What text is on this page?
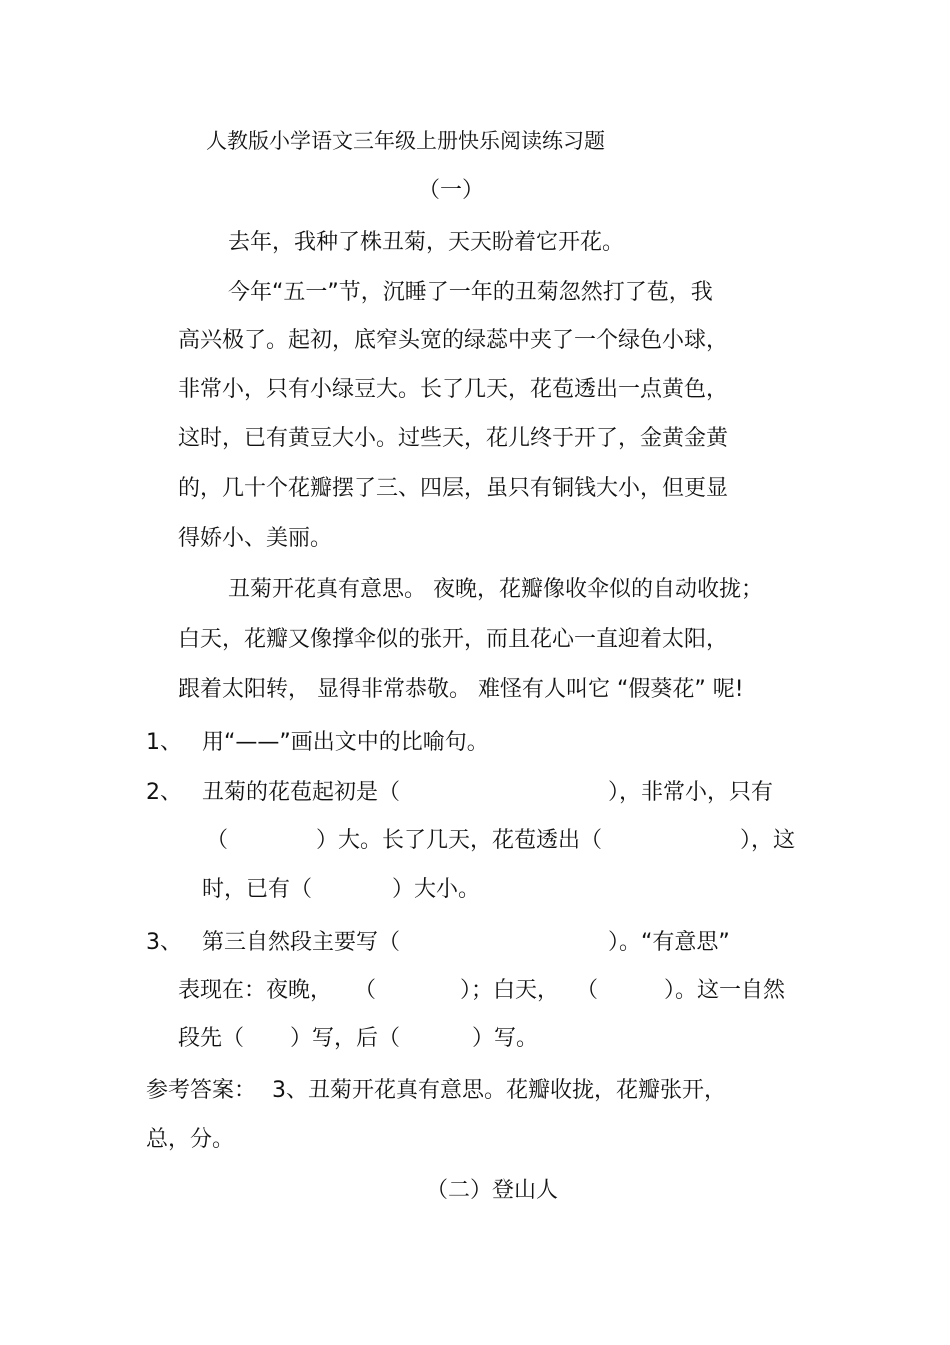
人教版小学语文三年级上册快乐阅读练习题
（一）
去年，我种了株丑菊，天天盼着它开花。
今年“五一”节，沉睡了一年的丑菊忽然打了苞，我
高兴极了。起初，底窄头宽的绿蕊中夹了一个绿色小球，
非常小，只有小绿豆大。长了几天，花苞透出一点黄色，
这时，已有黄豆大小。过些天，花儿终于开了，金黄金黄
的，几十个花瓣摆了三、四层，虽只有铜钱大小，但更显
得娇小、美丽。
丑菊开花真有意思。 夜晚，花瓣像收伞似的自动收拢；
白天，花瓣又像撑伞似的张开，而且花心一直迎着太阳，
跟着太阳转， 显得非常恭敬。 难怪有人叫它 “假葵花” 呢!
1、 用“——”画出文中的比喻句。
2、 丑菊的花苞起初是（	），非常小，只有
（	）大。长了几天，花苞透出（	），这
时，已有（	）大小。
3、 第三自然段主要写（	）。“有意思”
表现在：夜晚， （	）；白天， （	）。这一自然
段先（ ）写，后（	）写。
参考答案： 3、丑菊开花真有意思。花瓣收拢，花瓣张开，
总，分。
（二）登山人
